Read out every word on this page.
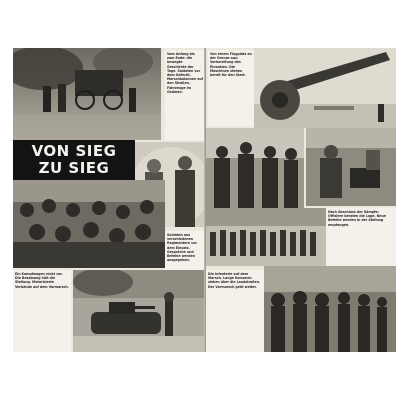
Vom Anfang bis zum Ende: die bewegte Geschichte der Tage. Soldaten vor dem Gefecht, Marschkolonnen auf den Straßen, Fahrzeuge im Gelände.
VON SIEG
ZU SIEG
Soldaten aus verschiedenen Regimentern vor dem Einsatz. Gespräche und Befehle werden ausgegeben.
Ein Kampfwagen rückt vor. Die Besatzung hält die Stellung. Motorisierte Verbände auf dem Vormarsch.
Von einem Flugplatz an der Grenze aus: Vorbereitung des Einsatzes. Die Maschinen stehen bereit für den Start.
Nach Abschluss der Kämpfe: Offiziere beraten die Lage. Neue Befehle werden in der Stellung empfangen.
Die Infanterie auf dem Marsch. Lange Kolonnen ziehen über die Landstraßen. Der Vormarsch geht weiter.
